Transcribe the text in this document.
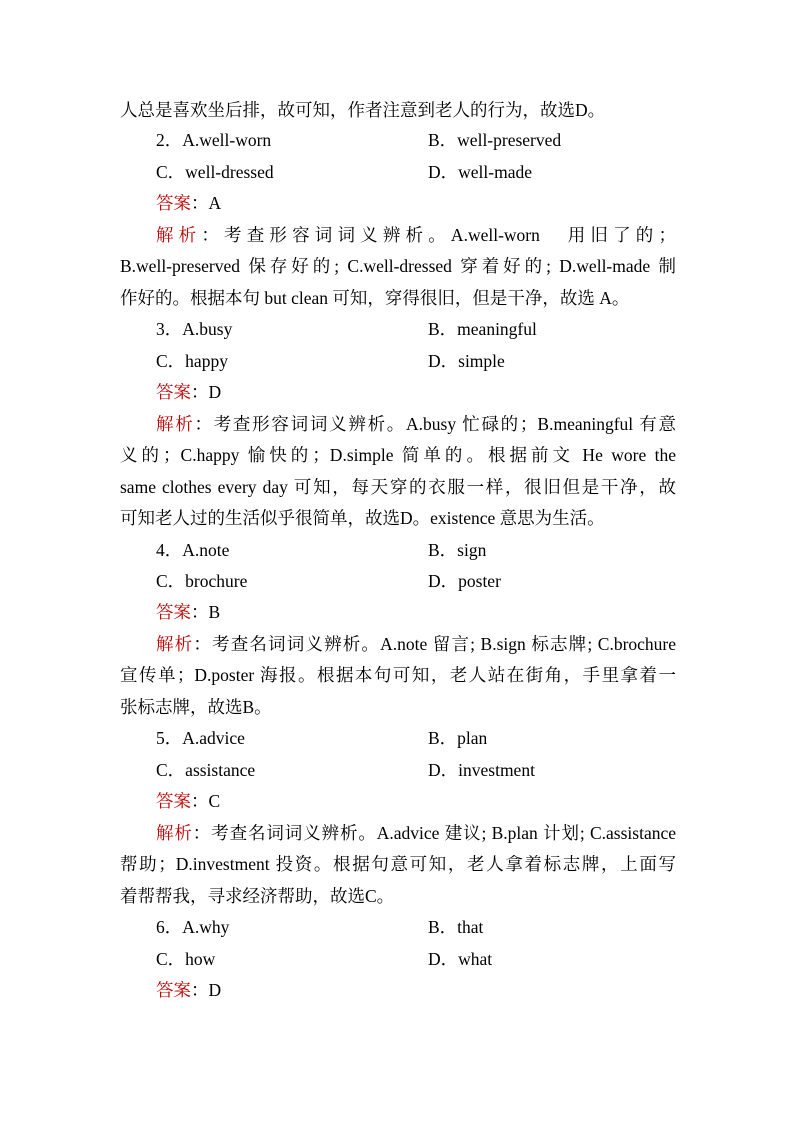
人总是喜欢坐后排，故可知，作者注意到老人的行为，故选D。
2．A.well-worn	B．well-preserved
C．well-dressed	D．well-made
答案：A
解析：考查形容词词义辨析。A.well-worn　用旧了的；
B.well-preserved 保存好的; C.well-dressed 穿着好的; D.well-made 制
作好的。根据本句 but clean 可知，穿得很旧，但是干净，故选 A。
3．A.busy	B．meaningful
C．happy	D．simple
答案：D
解析：考查形容词词义辨析。A.busy 忙碌的；B.meaningful 有意
义的；C.happy 愉快的；D.simple 简单的。根据前文 He wore the
same clothes every day 可知，每天穿的衣服一样，很旧但是干净，故
可知老人过的生活似乎很简单，故选D。existence 意思为生活。
4．A.note	B．sign
C．brochure	D．poster
答案：B
解析：考查名词词义辨析。A.note 留言; B.sign 标志牌; C.brochure
宣传单；D.poster 海报。根据本句可知，老人站在街角，手里拿着一
张标志牌，故选B。
5．A.advice	B．plan
C．assistance	D．investment
答案：C
解析：考查名词词义辨析。A.advice 建议; B.plan 计划; C.assistance
帮助；D.investment 投资。根据句意可知，老人拿着标志牌，上面写
着帮帮我，寻求经济帮助，故选C。
6．A.why	B．that
C．how	D．what
答案：D
